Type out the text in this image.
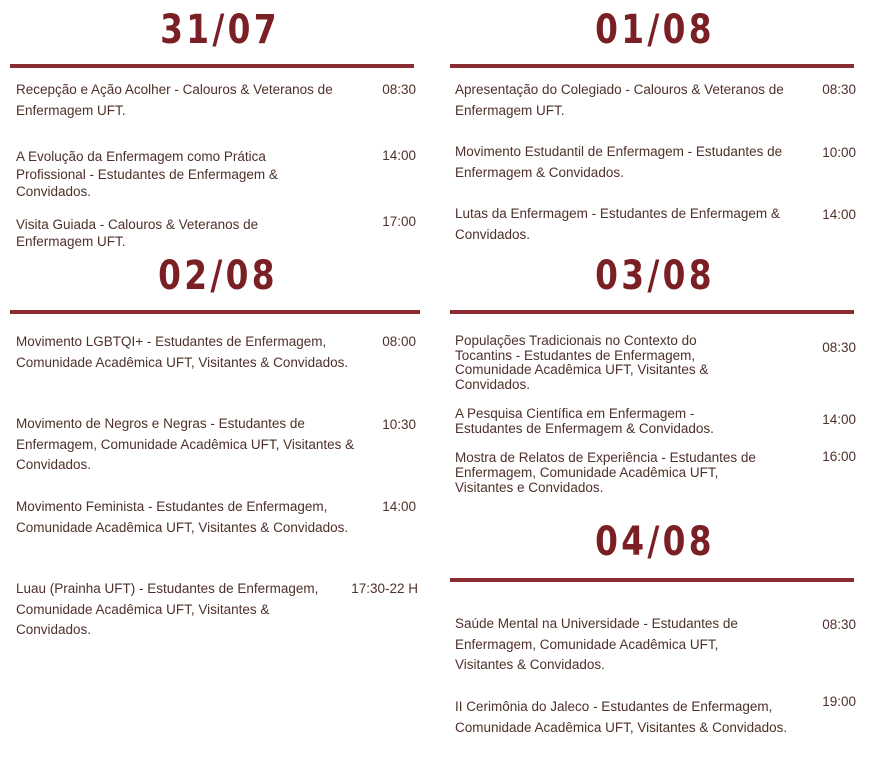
31/07
Recepção e Ação Acolher - Calouros & Veteranos de Enfermagem UFT.
08:30
A Evolução da Enfermagem como Prática Profissional - Estudantes de Enfermagem & Convidados.
14:00
Visita Guiada - Calouros & Veteranos de Enfermagem UFT.
17:00
01/08
Apresentação do Colegiado - Calouros & Veteranos de Enfermagem UFT.
08:30
Movimento Estudantil de Enfermagem - Estudantes de Enfermagem & Convidados.
10:00
Lutas da Enfermagem - Estudantes de Enfermagem & Convidados.
14:00
02/08
Movimento LGBTQI+ - Estudantes de Enfermagem, Comunidade Acadêmica UFT, Visitantes & Convidados.
08:00
Movimento de Negros e Negras - Estudantes de Enfermagem, Comunidade Acadêmica UFT, Visitantes & Convidados.
10:30
Movimento Feminista - Estudantes de Enfermagem, Comunidade Acadêmica UFT, Visitantes & Convidados.
14:00
Luau (Prainha UFT) - Estudantes de Enfermagem, Comunidade Acadêmica UFT, Visitantes & Convidados.
17:30-22 H
03/08
Populações Tradicionais no Contexto do Tocantins - Estudantes de Enfermagem, Comunidade Acadêmica UFT, Visitantes & Convidados.
08:30
A Pesquisa Científica em Enfermagem - Estudantes de Enfermagem & Convidados.
14:00
Mostra de Relatos de Experiência - Estudantes de Enfermagem, Comunidade Acadêmica UFT, Visitantes e Convidados.
16:00
04/08
Saúde Mental na Universidade - Estudantes de Enfermagem, Comunidade Acadêmica UFT, Visitantes & Convidados.
08:30
II Cerimônia do Jaleco - Estudantes de Enfermagem, Comunidade Acadêmica UFT, Visitantes & Convidados.
19:00
